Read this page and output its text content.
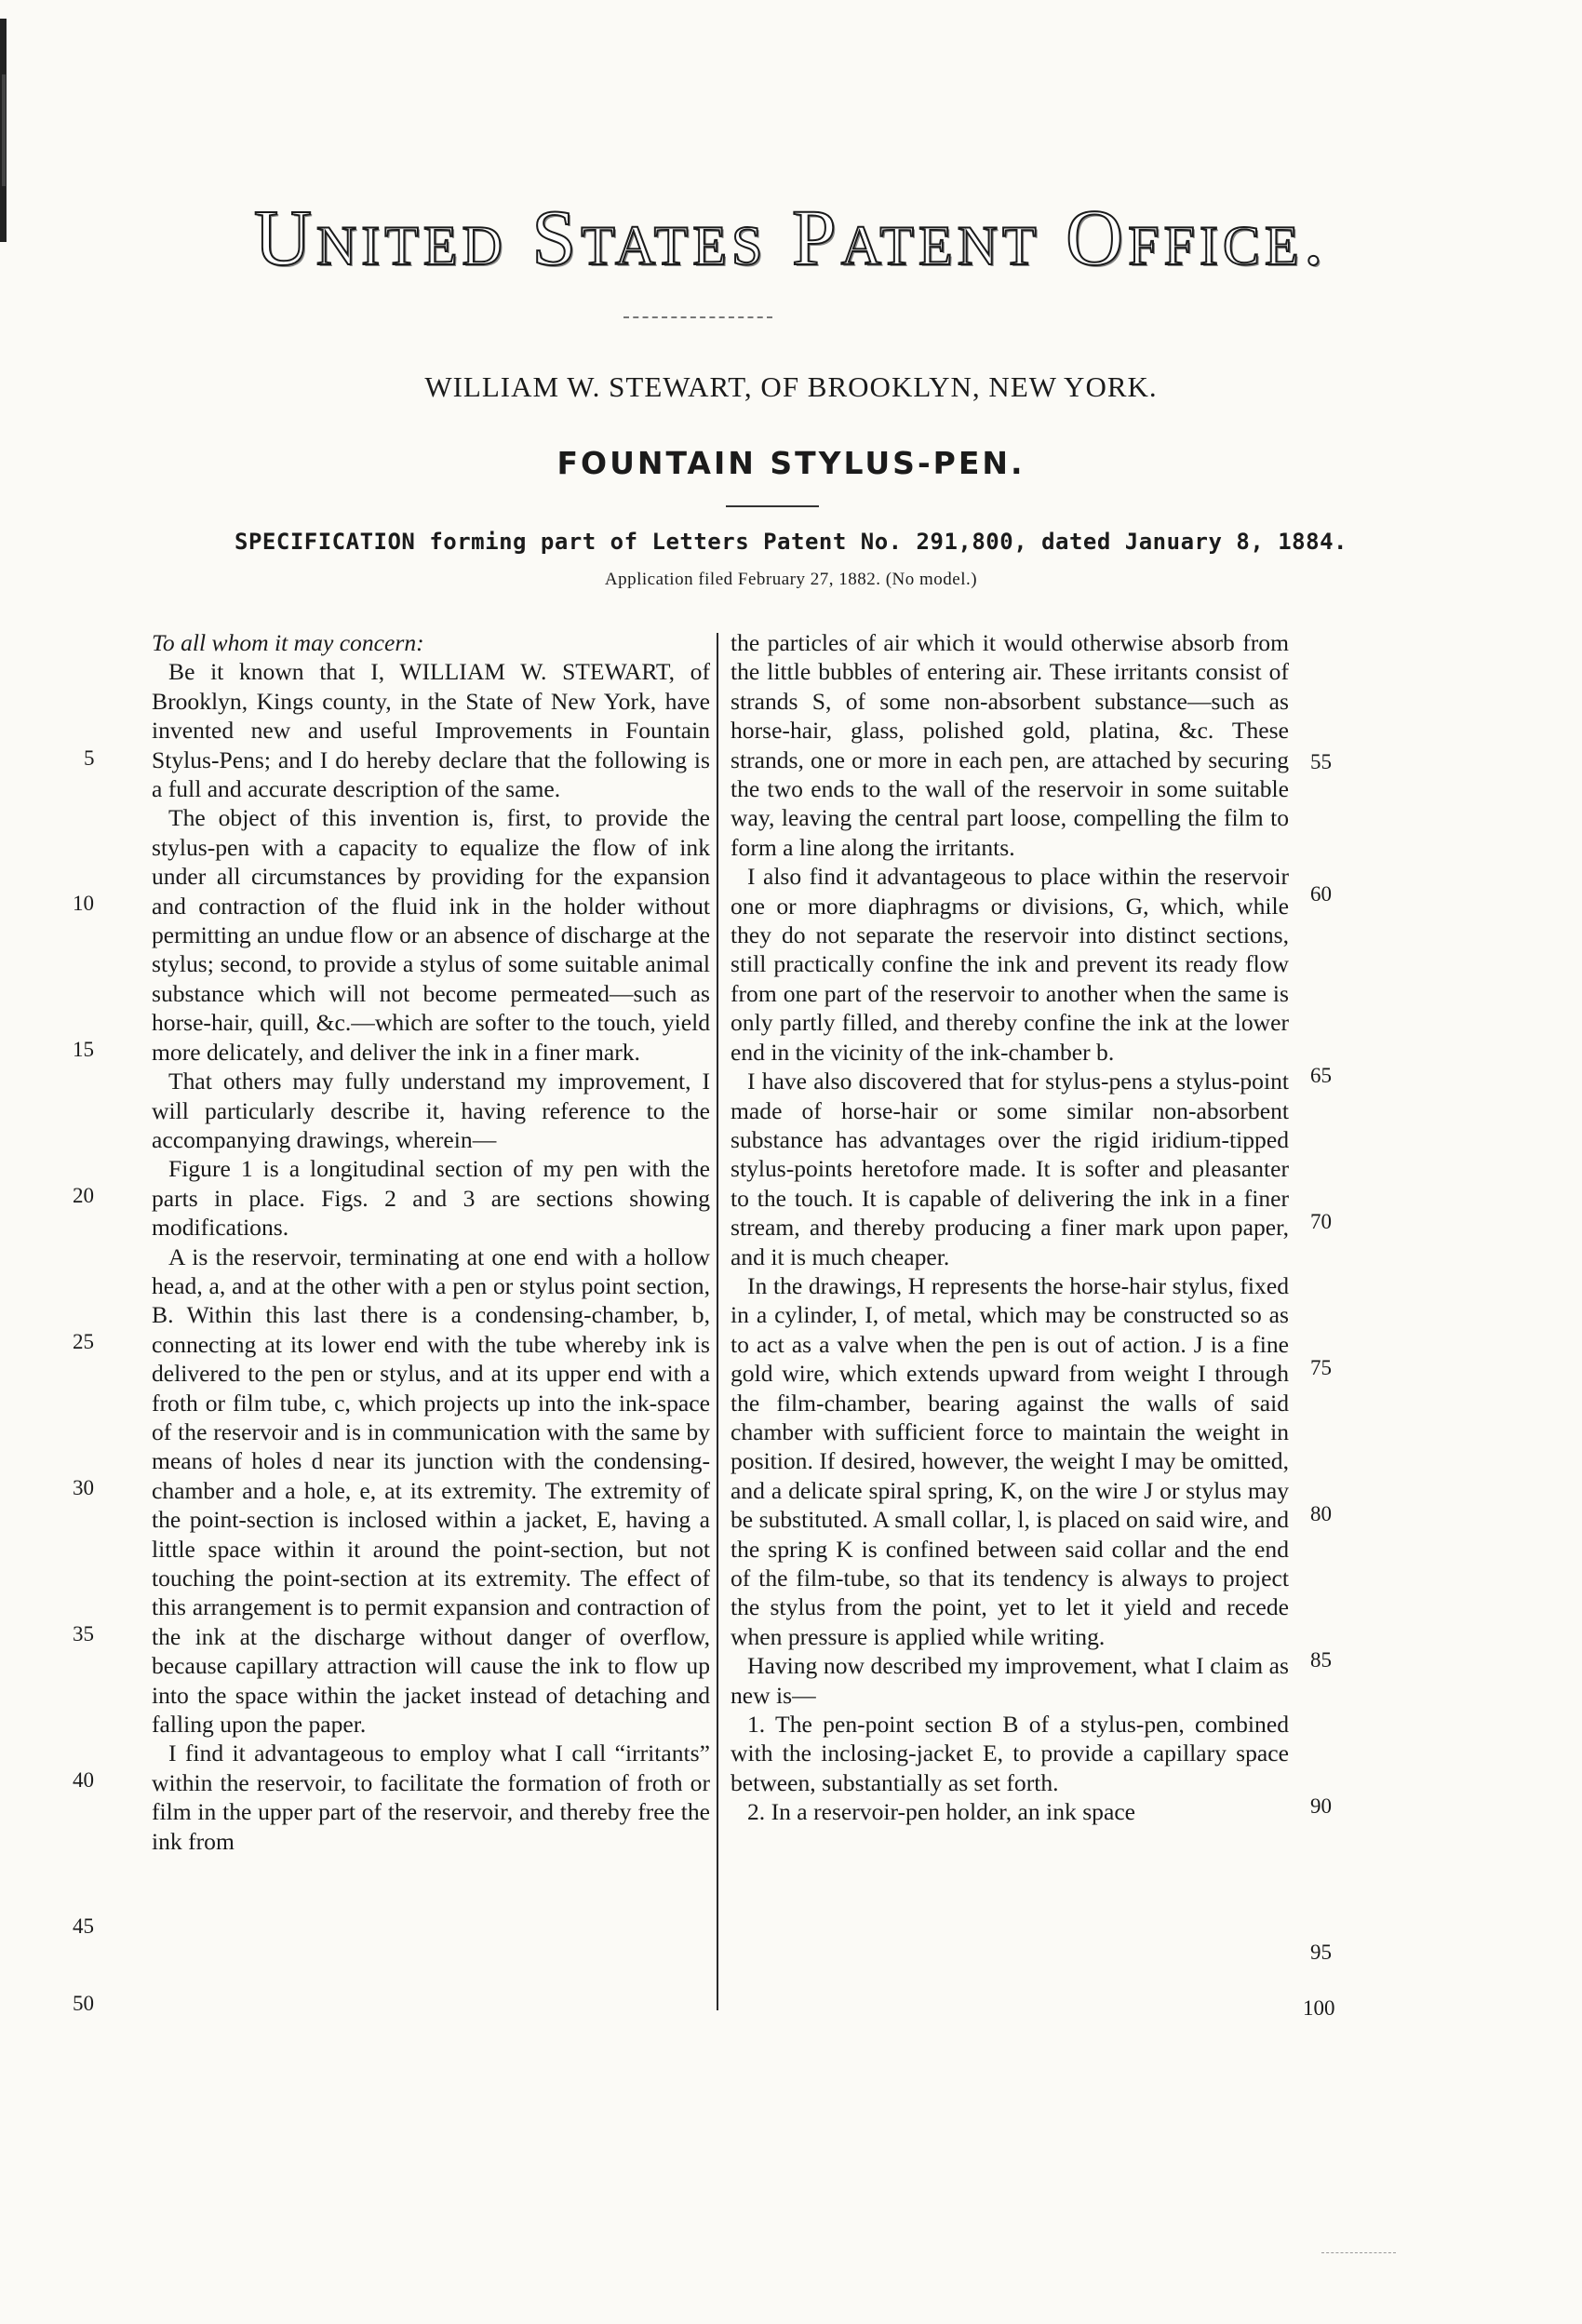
United States Patent Office.
WILLIAM W. STEWART, OF BROOKLYN, NEW YORK.
FOUNTAIN STYLUS-PEN.
SPECIFICATION forming part of Letters Patent No. 291,800, dated January 8, 1884.
Application filed February 27, 1882. (No model.)

To all whom it may concern:

Be it known that I, WILLIAM W. STEWART, of Brooklyn, Kings county, in the State of New York, have invented new and useful Improvements in Fountain Stylus-Pens; and I do hereby declare that the following is a full and accurate description of the same.

The object of this invention is, first, to provide the stylus-pen with a capacity to equalize the flow of ink under all circumstances by providing for the expansion and contraction of the fluid ink in the holder without permitting an undue flow or an absence of discharge at the stylus; second, to provide a stylus of some suitable animal substance which will not become permeated—such as horse-hair, quill, &c.—which are softer to the touch, yield more delicately, and deliver the ink in a finer mark.

That others may fully understand my improvement, I will particularly describe it, having reference to the accompanying drawings, wherein—

Figure 1 is a longitudinal section of my pen with the parts in place. Figs. 2 and 3 are sections showing modifications.

A is the reservoir, terminating at one end with a hollow head, a, and at the other with a pen or stylus point section, B. Within this last there is a condensing-chamber, b, connecting at its lower end with the tube whereby ink is delivered to the pen or stylus, and at its upper end with a froth or film tube, c, which projects up into the ink-space of the reservoir and is in communication with the same by means of holes d near its junction with the condensing-chamber and a hole, e, at its extremity. The extremity of the point-section is inclosed within a jacket, E, having a little space within it around the point-section, but not touching the point-section at its extremity. The effect of this arrangement is to permit expansion and contraction of the ink at the discharge without danger of overflow, because capillary attraction will cause the ink to flow up into the space within the jacket instead of detaching and falling upon the paper.

I find it advantageous to employ what I call “irritants” within the reservoir, to facilitate the formation of froth or film in the upper part of the reservoir, and thereby free the ink from

the particles of air which it would otherwise absorb from the little bubbles of entering air. These irritants consist of strands S, of some non-absorbent substance—such as horse-hair, glass, polished gold, platina, &c. These strands, one or more in each pen, are attached by securing the two ends to the wall of the reservoir in some suitable way, leaving the central part loose, compelling the film to form a line along the irritants.

I also find it advantageous to place within the reservoir one or more diaphragms or divisions, G, which, while they do not separate the reservoir into distinct sections, still practically confine the ink and prevent its ready flow from one part of the reservoir to another when the same is only partly filled, and thereby confine the ink at the lower end in the vicinity of the ink-chamber b.

I have also discovered that for stylus-pens a stylus-point made of horse-hair or some similar non-absorbent substance has advantages over the rigid iridium-tipped stylus-points heretofore made. It is softer and pleasanter to the touch. It is capable of delivering the ink in a finer stream, and thereby producing a finer mark upon paper, and it is much cheaper.

In the drawings, H represents the horse-hair stylus, fixed in a cylinder, I, of metal, which may be constructed so as to act as a valve when the pen is out of action. J is a fine gold wire, which extends upward from weight I through the film-chamber, bearing against the walls of said chamber with sufficient force to maintain the weight in position. If desired, however, the weight I may be omitted, and a delicate spiral spring, K, on the wire J or stylus may be substituted. A small collar, l, is placed on said wire, and the spring K is confined between said collar and the end of the film-tube, so that its tendency is always to project the stylus from the point, yet to let it yield and recede when pressure is applied while writing.

Having now described my improvement, what I claim as new is—

1. The pen-point section B of a stylus-pen, combined with the inclosing-jacket E, to provide a capillary space between, substantially as set forth.

2. In a reservoir-pen holder, an ink space

5
10
15
20
25
30
35
40
45
50
55
60
65
70
75
80
85
90
95
100
